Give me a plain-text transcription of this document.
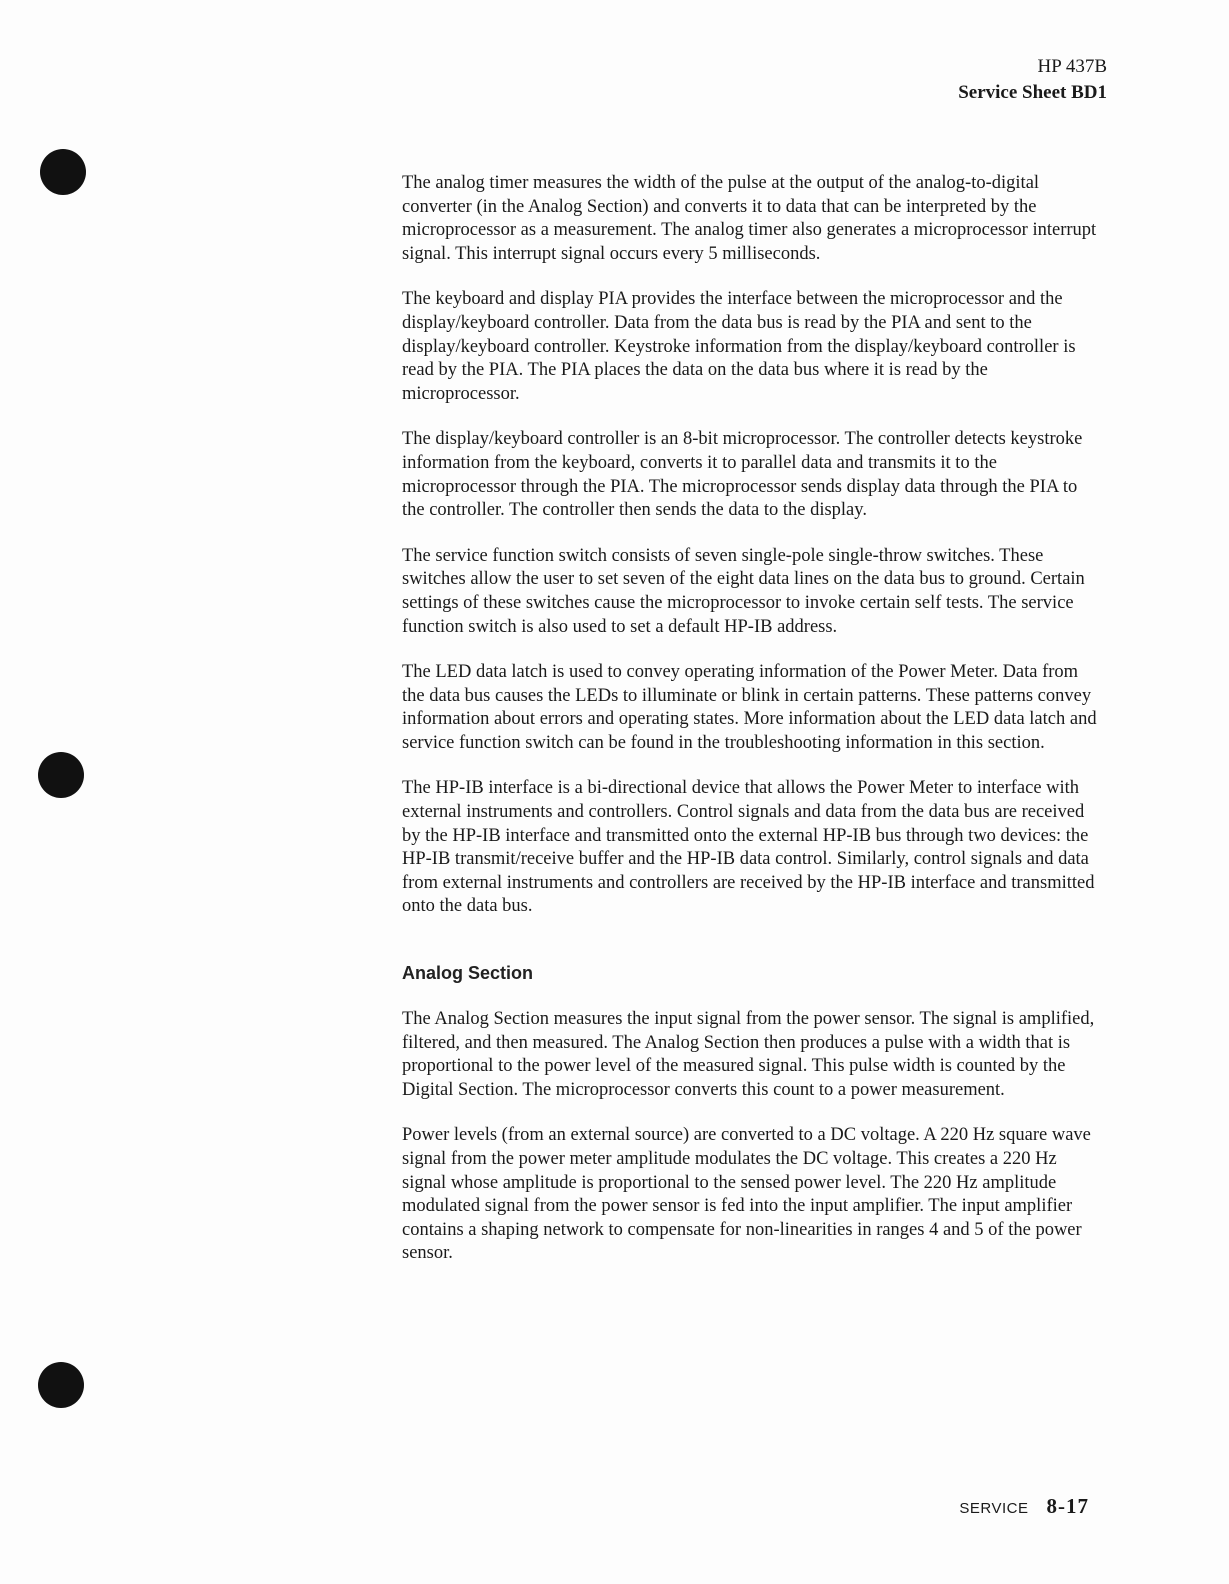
HP 437B
Service Sheet BD1

The analog timer measures the width of the pulse at the output of the analog-to-digital converter (in the Analog Section) and converts it to data that can be interpreted by the microprocessor as a measurement. The analog timer also generates a microprocessor interrupt signal. This interrupt signal occurs every 5 milliseconds.

The keyboard and display PIA provides the interface between the microprocessor and the display/keyboard controller. Data from the data bus is read by the PIA and sent to the display/keyboard controller. Keystroke information from the display/keyboard controller is read by the PIA. The PIA places the data on the data bus where it is read by the microprocessor.

The display/keyboard controller is an 8-bit microprocessor. The controller detects keystroke information from the keyboard, converts it to parallel data and transmits it to the microprocessor through the PIA. The microprocessor sends display data through the PIA to the controller. The controller then sends the data to the display.

The service function switch consists of seven single-pole single-throw switches. These switches allow the user to set seven of the eight data lines on the data bus to ground. Certain settings of these switches cause the microprocessor to invoke certain self tests. The service function switch is also used to set a default HP-IB address.

The LED data latch is used to convey operating information of the Power Meter. Data from the data bus causes the LEDs to illuminate or blink in certain patterns. These patterns convey information about errors and operating states. More information about the LED data latch and service function switch can be found in the troubleshooting information in this section.

The HP-IB interface is a bi-directional device that allows the Power Meter to interface with external instruments and controllers. Control signals and data from the data bus are received by the HP-IB interface and transmitted onto the external HP-IB bus through two devices: the HP-IB transmit/receive buffer and the HP-IB data control. Similarly, control signals and data from external instruments and controllers are received by the HP-IB interface and transmitted onto the data bus.

Analog Section

The Analog Section measures the input signal from the power sensor. The signal is amplified, filtered, and then measured. The Analog Section then produces a pulse with a width that is proportional to the power level of the measured signal. This pulse width is counted by the Digital Section. The microprocessor converts this count to a power measurement.

Power levels (from an external source) are converted to a DC voltage. A 220 Hz square wave signal from the power meter amplitude modulates the DC voltage. This creates a 220 Hz signal whose amplitude is proportional to the sensed power level. The 220 Hz amplitude modulated signal from the power sensor is fed into the input amplifier. The input amplifier contains a shaping network to compensate for non-linearities in ranges 4 and 5 of the power sensor.

SERVICE 8-17
